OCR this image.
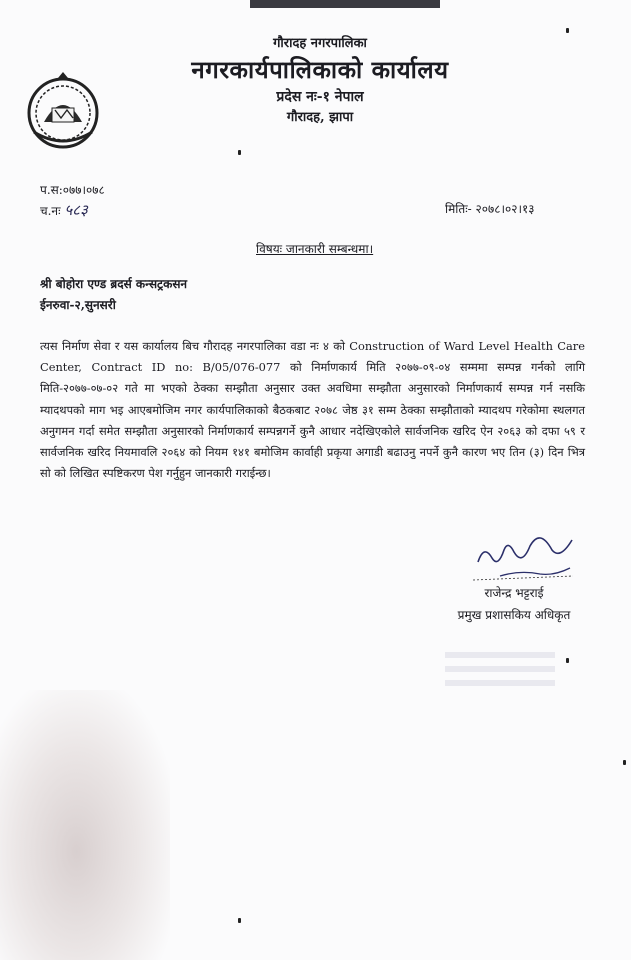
गौरादह नगरपालिका
नगरकार्यपालिकाको कार्यालय
प्रदेस नः-१ नेपाल
गौरादह, झापा
प.स:०७७।०७८
च.नः ५८३	मितिः- २०७८।०२।१३
विषयः जानकारी सम्बन्धमा।
श्री बोहोरा एण्ड ब्रदर्स कन्सट्रकसन
ईनरुवा-२,सुनसरी
त्यस निर्माण सेवा र यस कार्यालय बिच गौरादह नगरपालिका वडा नः ४ को Construction of Ward Level Health Care Center, Contract ID no: B/05/076-077 को निर्माणकार्य मिति २०७७-०९-०४ सम्ममा सम्पन्न गर्नको लागि मिति-२०७७-०७-०२ गते मा भएको ठेक्का सम्झौता अनुसार उक्त अवधिमा सम्झौता अनुसारको निर्माणकार्य सम्पन्न गर्न नसकि म्यादथपको माग भइ आएबमोजिम नगर कार्यपालिकाको बैठकबाट २०७८ जेष्ठ ३१ सम्म ठेक्का सम्झौताको म्यादथप गरेकोमा स्थलगत अनुगमन गर्दा समेत सम्झौता अनुसारको निर्माणकार्य सम्पन्नगर्ने कुनै आधार नदेखिएकोले सार्वजनिक खरिद ऐन २०६३ को दफा ५९ र सार्वजनिक खरिद नियमावलि २०६४ को नियम १४१ बमोजिम कार्वाही प्रकृया अगाडी बढाउनु नपर्ने कुनै कारण भए तिन (३) दिन भित्र सो को लिखित स्पष्टिकरण पेश गर्नुहुन जानकारी गराईन्छ।
राजेन्द्र भट्टराई
प्रमुख प्रशासकिय अधिकृत
